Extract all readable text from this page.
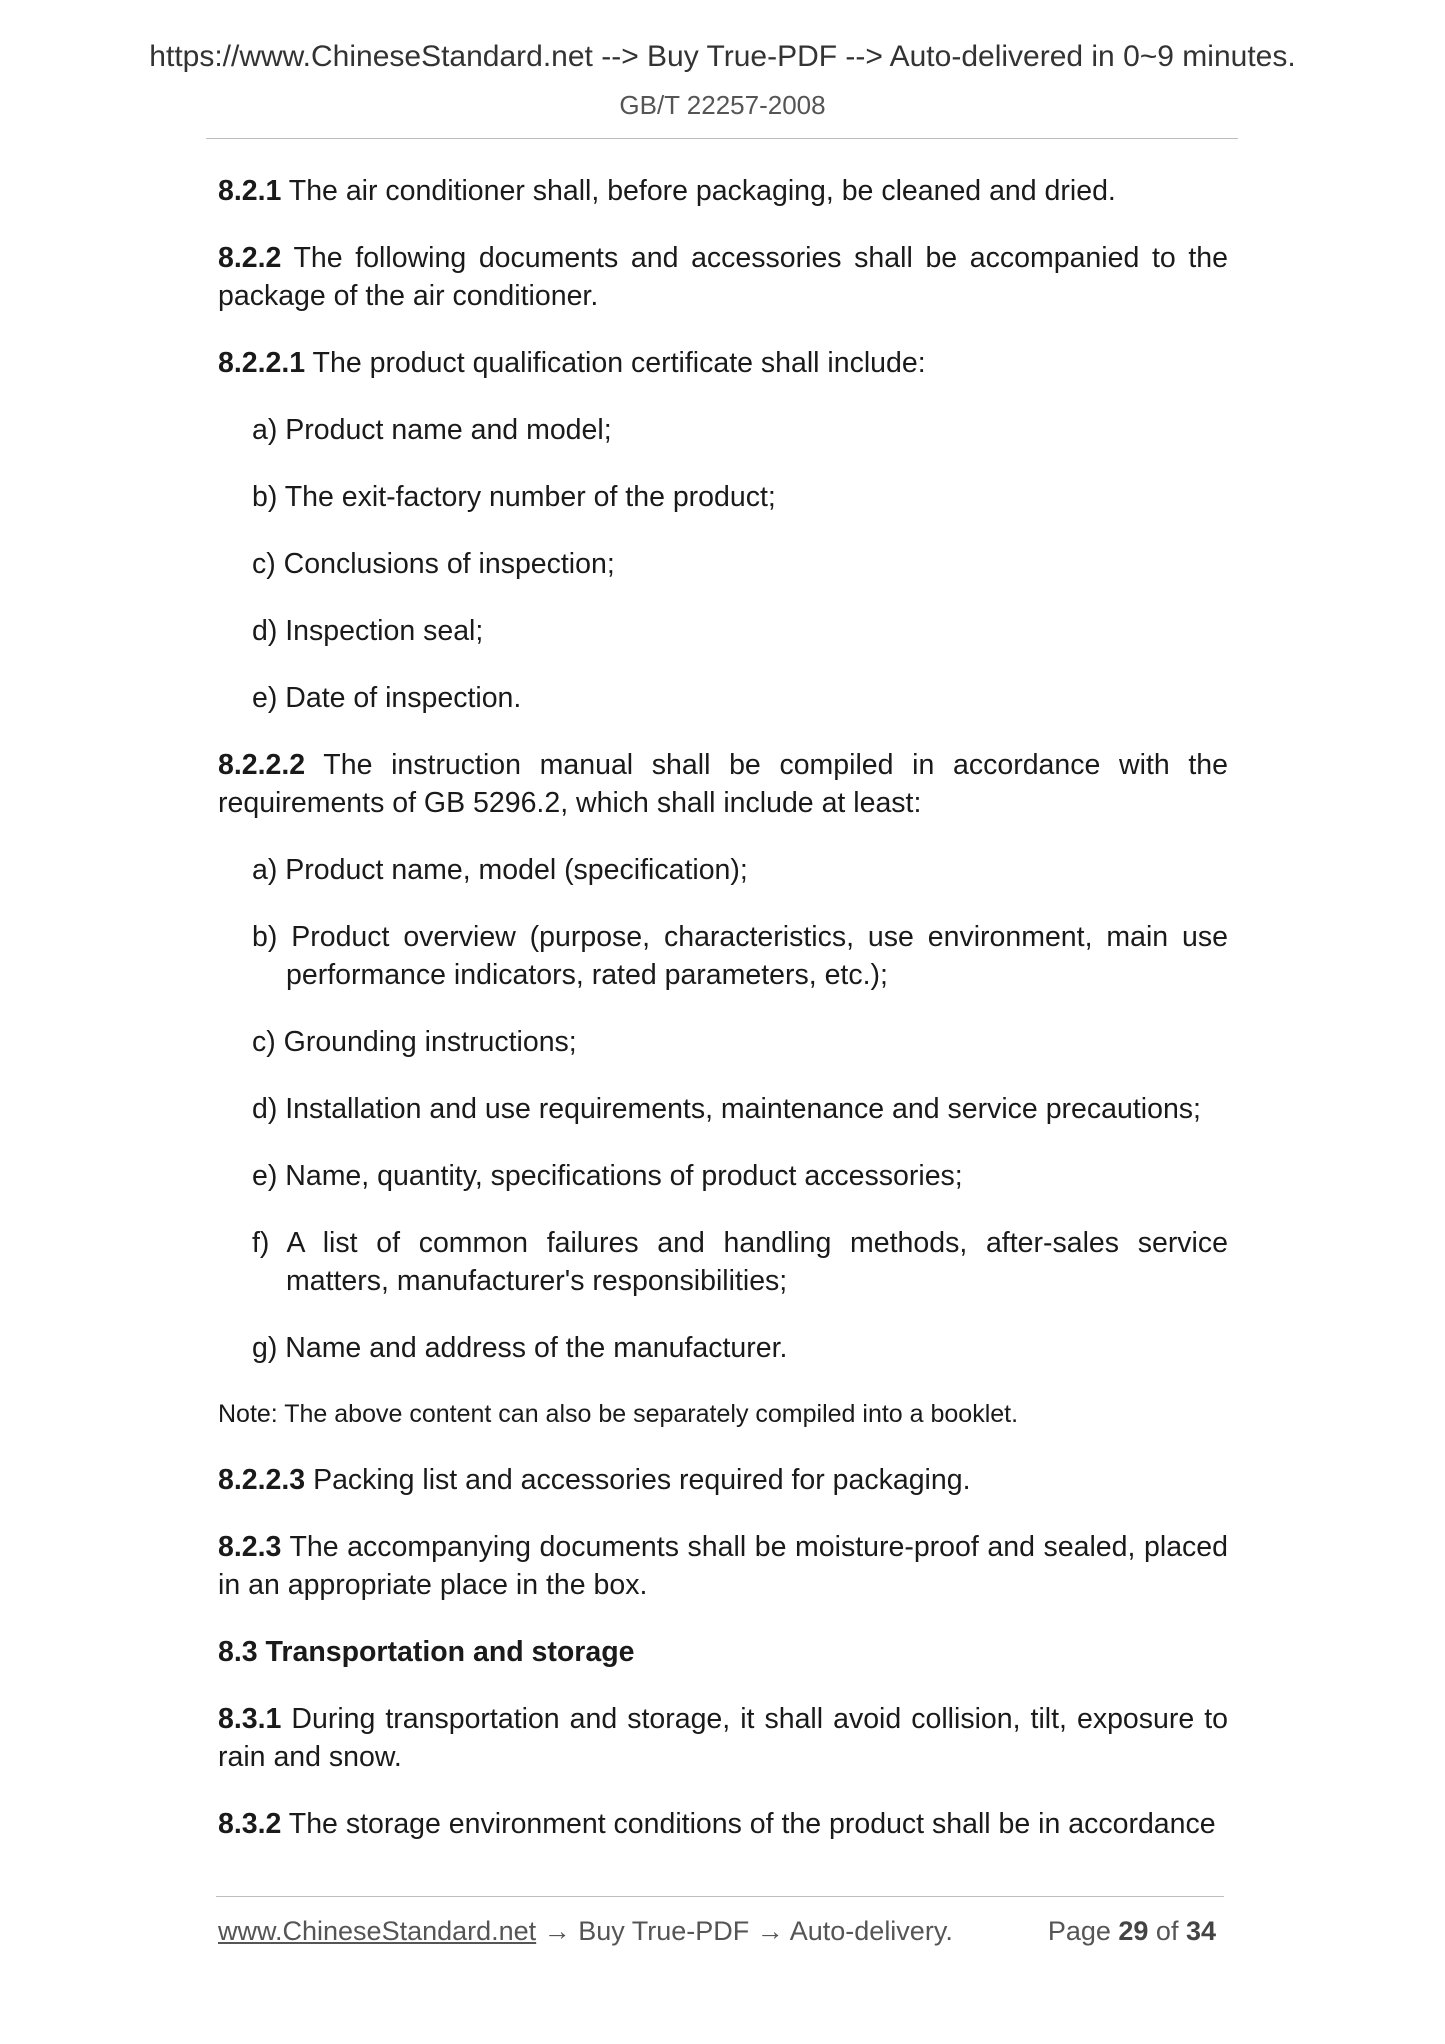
https://www.ChineseStandard.net --> Buy True-PDF --> Auto-delivered in 0~9 minutes.
GB/T 22257-2008

8.2.1 The air conditioner shall, before packaging, be cleaned and dried.

8.2.2 The following documents and accessories shall be accompanied to the package of the air conditioner.

8.2.2.1 The product qualification certificate shall include:

a) Product name and model;
b) The exit-factory number of the product;
c) Conclusions of inspection;
d) Inspection seal;
e) Date of inspection.

8.2.2.2 The instruction manual shall be compiled in accordance with the requirements of GB 5296.2, which shall include at least:

a) Product name, model (specification);
b) Product overview (purpose, characteristics, use environment, main use performance indicators, rated parameters, etc.);
c) Grounding instructions;
d) Installation and use requirements, maintenance and service precautions;
e) Name, quantity, specifications of product accessories;
f) A list of common failures and handling methods, after-sales service matters, manufacturer's responsibilities;
g) Name and address of the manufacturer.

Note: The above content can also be separately compiled into a booklet.

8.2.2.3 Packing list and accessories required for packaging.

8.2.3 The accompanying documents shall be moisture-proof and sealed, placed in an appropriate place in the box.

8.3 Transportation and storage

8.3.1 During transportation and storage, it shall avoid collision, tilt, exposure to rain and snow.

8.3.2 The storage environment conditions of the product shall be in accordance

www.ChineseStandard.net → Buy True-PDF → Auto-delivery.	Page 29 of 34
